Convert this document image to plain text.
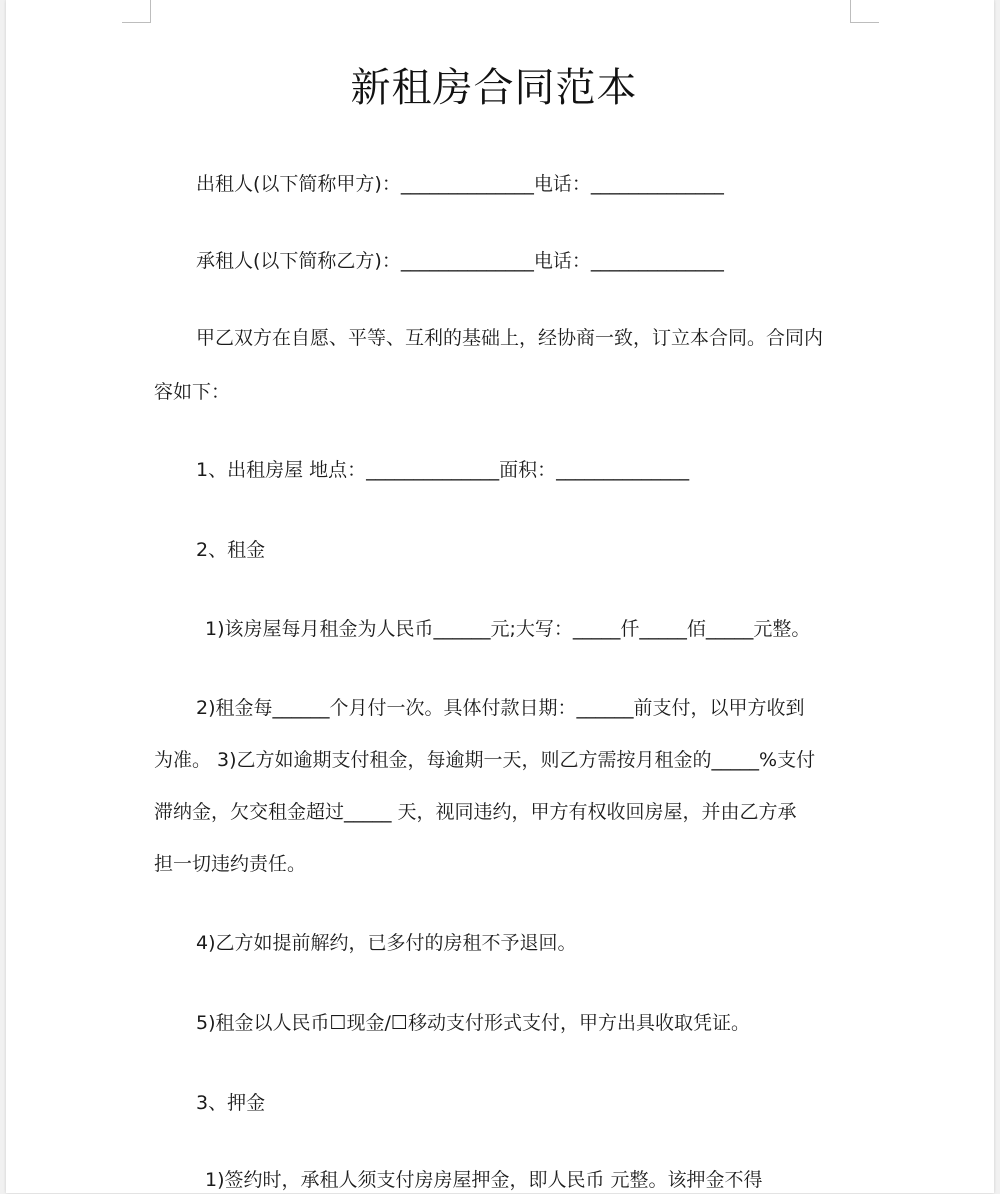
新租房合同范本
出租人(以下简称甲方)：______________电话：______________
承租人(以下简称乙方)：______________电话：______________
甲乙双方在自愿、平等、互利的基础上，经协商一致，订立本合同。合同内
容如下：
1、出租房屋 地点：______________面积：______________
2、租金
1)该房屋每月租金为人民币______元;大写：_____仟_____佰_____元整。
2)租金每______个月付一次。具体付款日期：______前支付，以甲方收到
为准。 3)乙方如逾期支付租金，每逾期一天，则乙方需按月租金的_____%支付
滞纳金，欠交租金超过_____ 天，视同违约，甲方有权收回房屋，并由乙方承
担一切违约责任。
4)乙方如提前解约，已多付的房租不予退回。
5)租金以人民币☐现金/☐移动支付形式支付，甲方出具收取凭证。
3、押金
1)签约时，承租人须支付房房屋押金，即人民币 元整。该押金不得
